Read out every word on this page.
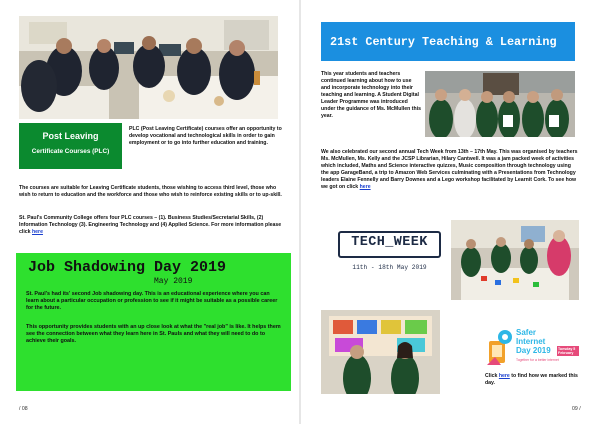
Post Leaving
Certificate Courses (PLC)
PLC (Post Leaving Certificate) courses offer an opportunity to develop vocational and technological skills in order to gain employment or to go into further education and training.
The courses are suitable for Leaving Certificate students, those wishing to access third level, those who wish to return to education and the workforce and those who wish to reinforce existing skills or to up-skill.
St. Paul's Community College offers four PLC courses – (1). Business Studies/Secretarial Skills, (2) Information Technology (3). Engineering Technology and (4) Applied Science. For more information please click here
Job Shadowing Day 2019
May 2019
St. Paul's had its' second Job shadowing day. This is an educational experience where you can learn about a particular occupation or profession to see if it might be suitable as a possible career for the future.
This opportunity provides students with an up close look at what the "real job" is like. It helps them see the connection between what they learn here in St. Pauls and what they will need to do to achieve their goals.
/ 08
21st Century Teaching & Learning
This year students and teachers continued learning about how to use and incorporate technology into their teaching and learning. A Student Digital Leader Programme was introduced under the guidance of Ms. McMullen this year.
We also celebrated our second annual Tech Week from 13th – 17th May. This was organised by teachers Ms. McMullen, Ms. Kelly and the JCSP Librarian, Hilary Cantwell. It was a jam packed week of activities which included, Maths and Science interactive quizzes, Music composition through technology using the app GarageBand, a trip to Amazon Web Services culminating with a Presentations from Technology leaders Elaine Fennelly and Barry Downes and a Lego workshop facilitated by Learnit Cork. To see how we got on click here
TECH_WEEK
11th - 18th May 2019
Safer
Internet
Day 2019 Tuesday 5 February
Together for a better internet
Click here to find how we marked this day.
09 /
